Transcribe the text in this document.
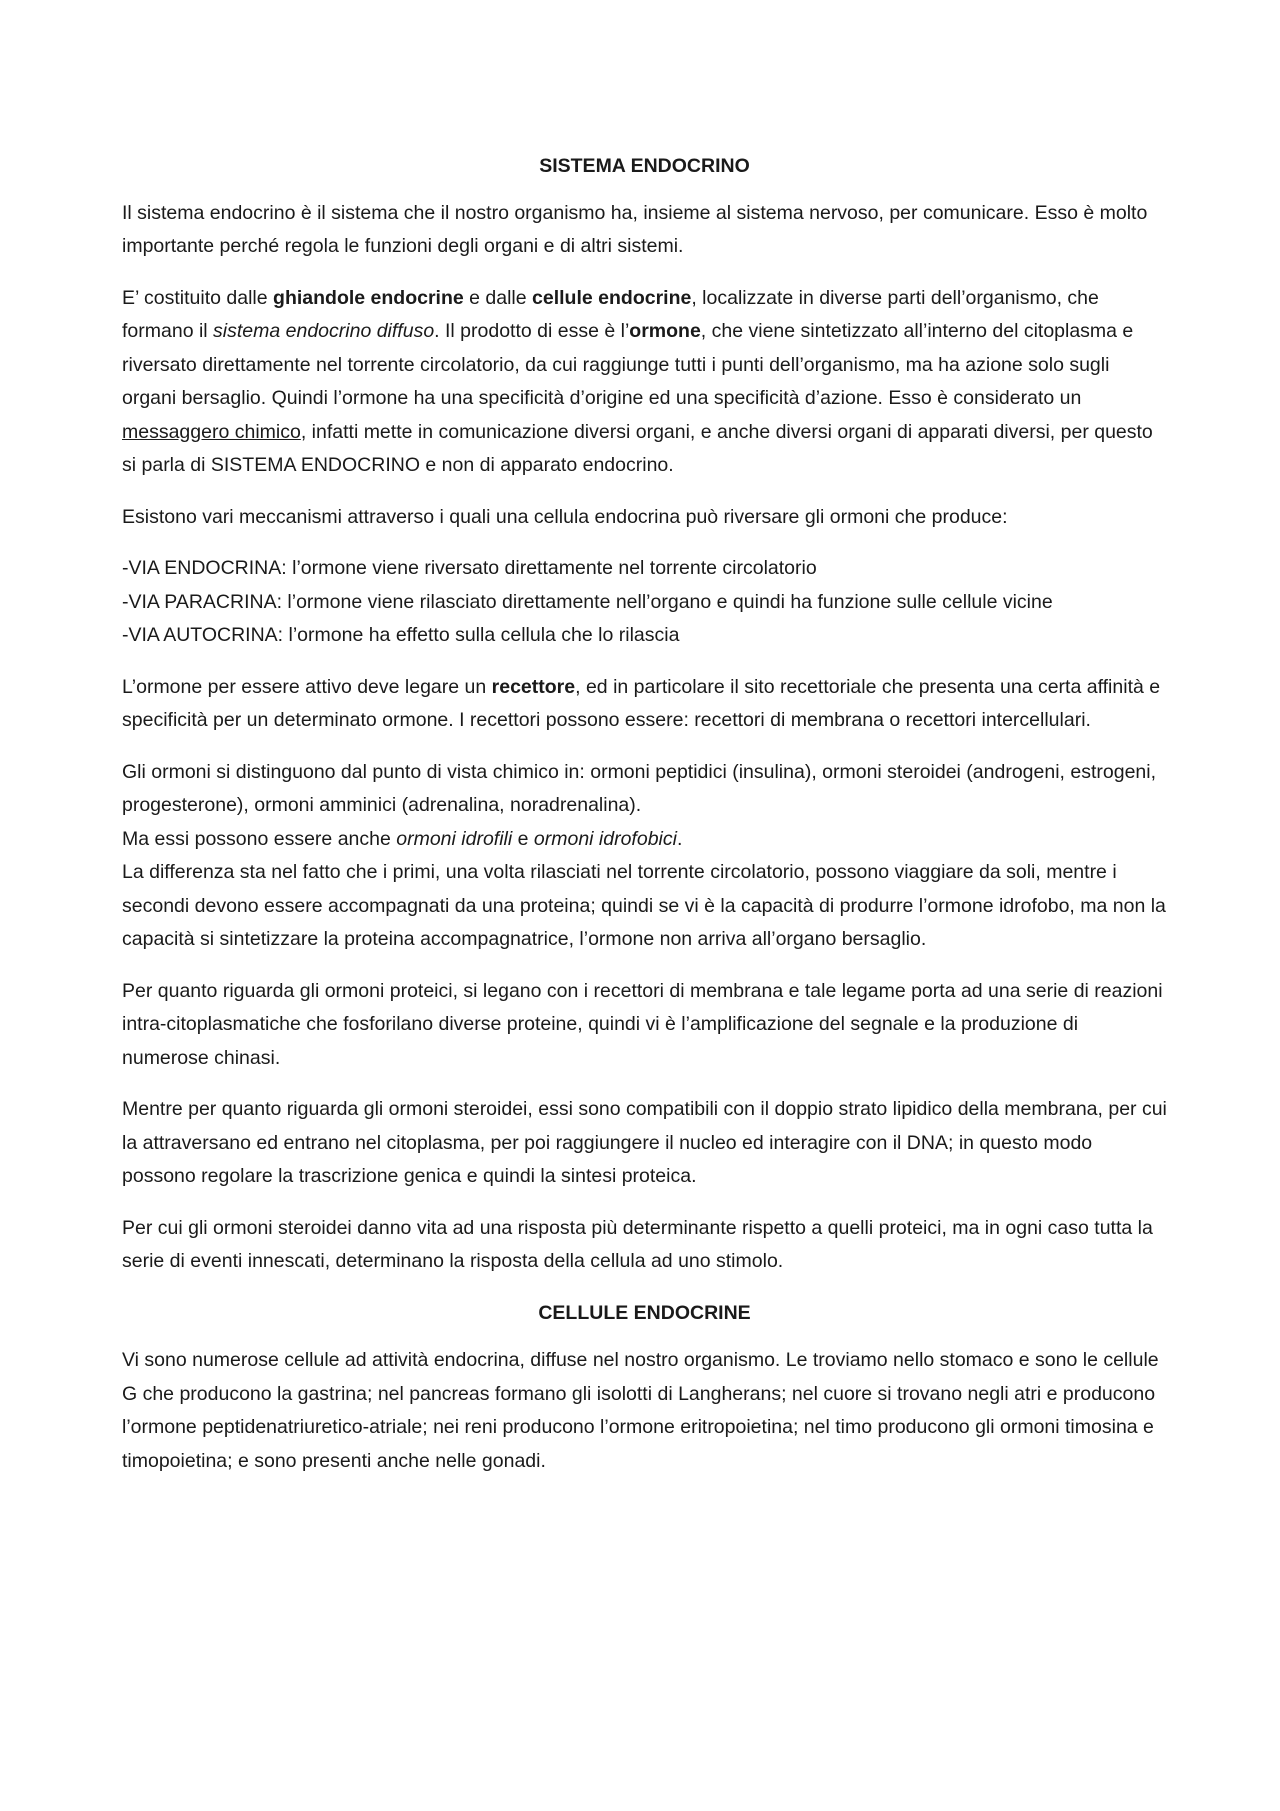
SISTEMA ENDOCRINO

Il sistema endocrino è il sistema che il nostro organismo ha, insieme al sistema nervoso, per comunicare. Esso è molto importante perché regola le funzioni degli organi e di altri sistemi.

E’ costituito dalle ghiandole endocrine e dalle cellule endocrine, localizzate in diverse parti dell’organismo, che formano il sistema endocrino diffuso. Il prodotto di esse è l’ormone, che viene sintetizzato all’interno del citoplasma e riversato direttamente nel torrente circolatorio, da cui raggiunge tutti i punti dell’organismo, ma ha azione solo sugli organi bersaglio. Quindi l’ormone ha una specificità d’origine ed una specificità d’azione. Esso è considerato un messaggero chimico, infatti mette in comunicazione diversi organi, e anche diversi organi di apparati diversi, per questo si parla di SISTEMA ENDOCRINO e non di apparato endocrino.

Esistono vari meccanismi attraverso i quali una cellula endocrina può riversare gli ormoni che produce:

-VIA ENDOCRINA: l’ormone viene riversato direttamente nel torrente circolatorio
-VIA PARACRINA: l’ormone viene rilasciato direttamente nell’organo e quindi ha funzione sulle cellule vicine
-VIA AUTOCRINA: l’ormone ha effetto sulla cellula che lo rilascia

L’ormone per essere attivo deve legare un recettore, ed in particolare il sito recettoriale che presenta una certa affinità e specificità per un determinato ormone. I recettori possono essere: recettori di membrana o recettori intercellulari.

Gli ormoni si distinguono dal punto di vista chimico in: ormoni peptidici (insulina), ormoni steroidei (androgeni, estrogeni, progesterone), ormoni amminici (adrenalina, noradrenalina).
Ma essi possono essere anche ormoni idrofili e ormoni idrofobici.
La differenza sta nel fatto che i primi, una volta rilasciati nel torrente circolatorio, possono viaggiare da soli, mentre i secondi devono essere accompagnati da una proteina; quindi se vi è la capacità di produrre l’ormone idrofobo, ma non la capacità si sintetizzare la proteina accompagnatrice, l’ormone non arriva all’organo bersaglio.

Per quanto riguarda gli ormoni proteici, si legano con i recettori di membrana e tale legame porta ad una serie di reazioni intra-citoplasmatiche che fosforilano diverse proteine, quindi vi è l’amplificazione del segnale e la produzione di numerose chinasi.

Mentre per quanto riguarda gli ormoni steroidei, essi sono compatibili con il doppio strato lipidico della membrana, per cui la attraversano ed entrano nel citoplasma, per poi raggiungere il nucleo ed interagire con il DNA; in questo modo possono regolare la trascrizione genica e quindi la sintesi proteica.

Per cui gli ormoni steroidei danno vita ad una risposta più determinante rispetto a quelli proteici, ma in ogni caso tutta la serie di eventi innescati, determinano la risposta della cellula ad uno stimolo.

CELLULE ENDOCRINE

Vi sono numerose cellule ad attività endocrina, diffuse nel nostro organismo. Le troviamo nello stomaco e sono le cellule G che producono la gastrina; nel pancreas formano gli isolotti di Langherans; nel cuore si trovano negli atri e producono l’ormone peptidenatriuretico-atriale; nei reni producono l’ormone eritropoietina; nel timo producono gli ormoni timosina e timopoietina; e sono presenti anche nelle gonadi.
